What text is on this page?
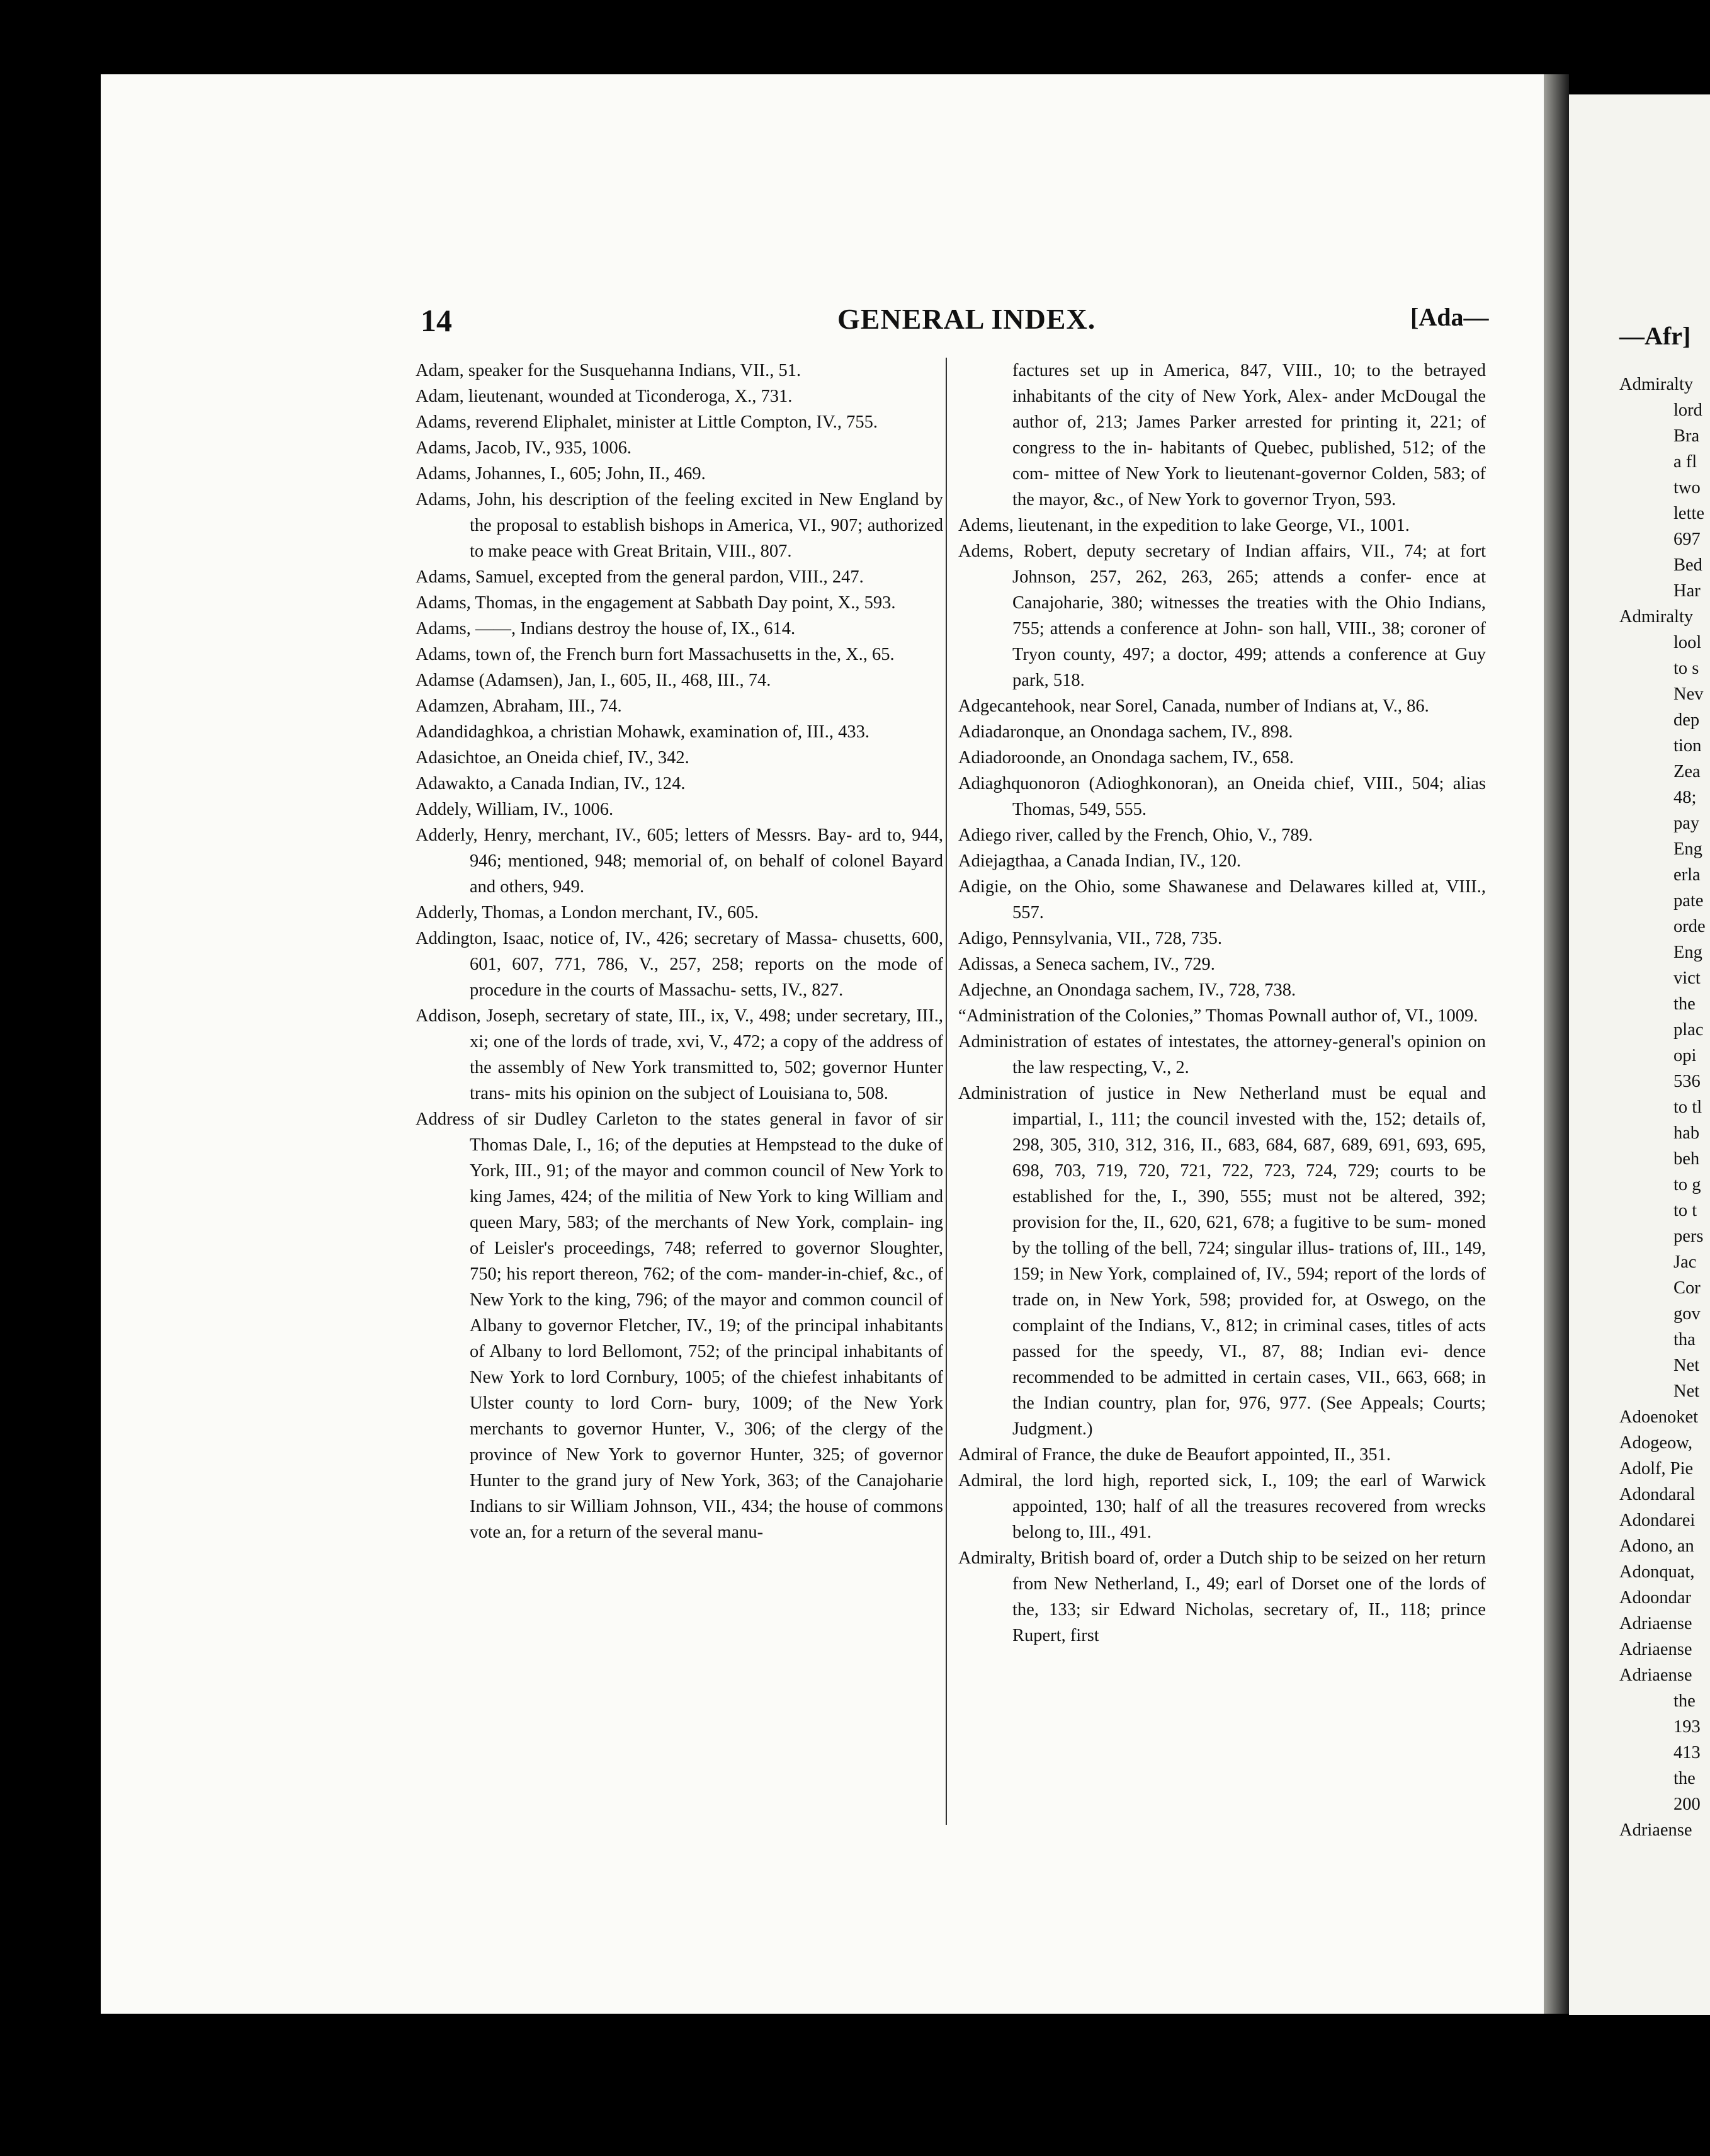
14	GENERAL INDEX.	[Ada—
Adam, speaker for the Susquehanna Indians, VII., 51.
Adam, lieutenant, wounded at Ticonderoga, X., 731.
Adams, reverend Eliphalet, minister at Little Compton, IV., 755.
Adams, Jacob, IV., 935, 1006.
Adams, Johannes, I., 605; John, II., 469.
Adams, John, his description of the feeling excited in New England by the proposal to establish bishops in America, VI., 907; authorized to make peace with Great Britain, VIII., 807.
Adams, Samuel, excepted from the general pardon, VIII., 247.
Adams, Thomas, in the engagement at Sabbath Day point, X., 593.
Adams, ——, Indians destroy the house of, IX., 614.
Adams, town of, the French burn fort Massachusetts in the, X., 65.
Adamse (Adamsen), Jan, I., 605, II., 468, III., 74.
Adamzen, Abraham, III., 74.
Adandidaghkoa, a christian Mohawk, examination of, III., 433.
Adasichtoe, an Oneida chief, IV., 342.
Adawakto, a Canada Indian, IV., 124.
Addely, William, IV., 1006.
Adderly, Henry, merchant, IV., 605; letters of Messrs. Bay- ard to, 944, 946; mentioned, 948; memorial of, on behalf of colonel Bayard and others, 949.
Adderly, Thomas, a London merchant, IV., 605.
Addington, Isaac, notice of, IV., 426; secretary of Massa- chusetts, 600, 601, 607, 771, 786, V., 257, 258; reports on the mode of procedure in the courts of Massachu- setts, IV., 827.
Addison, Joseph, secretary of state, III., ix, V., 498; under secretary, III., xi; one of the lords of trade, xvi, V., 472; a copy of the address of the assembly of New York transmitted to, 502; governor Hunter trans- mits his opinion on the subject of Louisiana to, 508.
Address of sir Dudley Carleton to the states general in favor of sir Thomas Dale, I., 16; of the deputies at Hempstead to the duke of York, III., 91; of the mayor and common council of New York to king James, 424; of the militia of New York to king William and queen Mary, 583; of the merchants of New York, complain- ing of Leisler's proceedings, 748; referred to governor Sloughter, 750; his report thereon, 762; of the com- mander-in-chief, &c., of New York to the king, 796; of the mayor and common council of Albany to governor Fletcher, IV., 19; of the principal inhabitants of Albany to lord Bellomont, 752; of the principal inhabitants of New York to lord Cornbury, 1005; of the chiefest inhabitants of Ulster county to lord Corn- bury, 1009; of the New York merchants to governor Hunter, V., 306; of the clergy of the province of New York to governor Hunter, 325; of governor Hunter to the grand jury of New York, 363; of the Canajoharie Indians to sir William Johnson, VII., 434; the house of commons vote an, for a return of the several manu-
factures set up in America, 847, VIII., 10; to the betrayed inhabitants of the city of New York, Alex- ander McDougal the author of, 213; James Parker arrested for printing it, 221; of congress to the in- habitants of Quebec, published, 512; of the com- mittee of New York to lieutenant-governor Colden, 583; of the mayor, &c., of New York to governor Tryon, 593.
Adems, lieutenant, in the expedition to lake George, VI., 1001.
Adems, Robert, deputy secretary of Indian affairs, VII., 74; at fort Johnson, 257, 262, 263, 265; attends a confer- ence at Canajoharie, 380; witnesses the treaties with the Ohio Indians, 755; attends a conference at John- son hall, VIII., 38; coroner of Tryon county, 497; a doctor, 499; attends a conference at Guy park, 518.
Adgecantehook, near Sorel, Canada, number of Indians at, V., 86.
Adiadaronque, an Onondaga sachem, IV., 898.
Adiadoroonde, an Onondaga sachem, IV., 658.
Adiaghquonoron (Adioghkonoran), an Oneida chief, VIII., 504; alias Thomas, 549, 555.
Adiego river, called by the French, Ohio, V., 789.
Adiejagthaa, a Canada Indian, IV., 120.
Adigie, on the Ohio, some Shawanese and Delawares killed at, VIII., 557.
Adigo, Pennsylvania, VII., 728, 735.
Adissas, a Seneca sachem, IV., 729.
Adjechne, an Onondaga sachem, IV., 728, 738.
“Administration of the Colonies,” Thomas Pownall author of, VI., 1009.
Administration of estates of intestates, the attorney-general's opinion on the law respecting, V., 2.
Administration of justice in New Netherland must be equal and impartial, I., 111; the council invested with the, 152; details of, 298, 305, 310, 312, 316, II., 683, 684, 687, 689, 691, 693, 695, 698, 703, 719, 720, 721, 722, 723, 724, 729; courts to be established for the, I., 390, 555; must not be altered, 392; provision for the, II., 620, 621, 678; a fugitive to be sum- moned by the tolling of the bell, 724; singular illus- trations of, III., 149, 159; in New York, complained of, IV., 594; report of the lords of trade on, in New York, 598; provided for, at Oswego, on the complaint of the Indians, V., 812; in criminal cases, titles of acts passed for the speedy, VI., 87, 88; Indian evi- dence recommended to be admitted in certain cases, VII., 663, 668; in the Indian country, plan for, 976, 977. (See Appeals; Courts; Judgment.)
Admiral of France, the duke de Beaufort appointed, II., 351.
Admiral, the lord high, reported sick, I., 109; the earl of Warwick appointed, 130; half of all the treasures recovered from wrecks belong to, III., 491.
Admiralty, British board of, order a Dutch ship to be seized on her return from New Netherland, I., 49; earl of Dorset one of the lords of the, 133; sir Edward Nicholas, secretary of, II., 118; prince Rupert, first
—Afr]
Admiralty
lord
Bra
a fl
two
lette
697
Bed
Har
Admiralty
lool
to s
Nev
dep
tion
Zea
48;
pay
Eng
erla
pate
orde
Eng
vict
the
plac
opi
536
to tl
hab
beh
to g
to t
pers
Jac
Cor
gov
tha
Net
Net
Adoenoket
Adogeow,
Adolf, Pie
Adondaral
Adondarei
Adono, an
Adonquat,
Adoondar
Adriaense
Adriaense
Adriaense
the
193
413
the
200
Adriaense
